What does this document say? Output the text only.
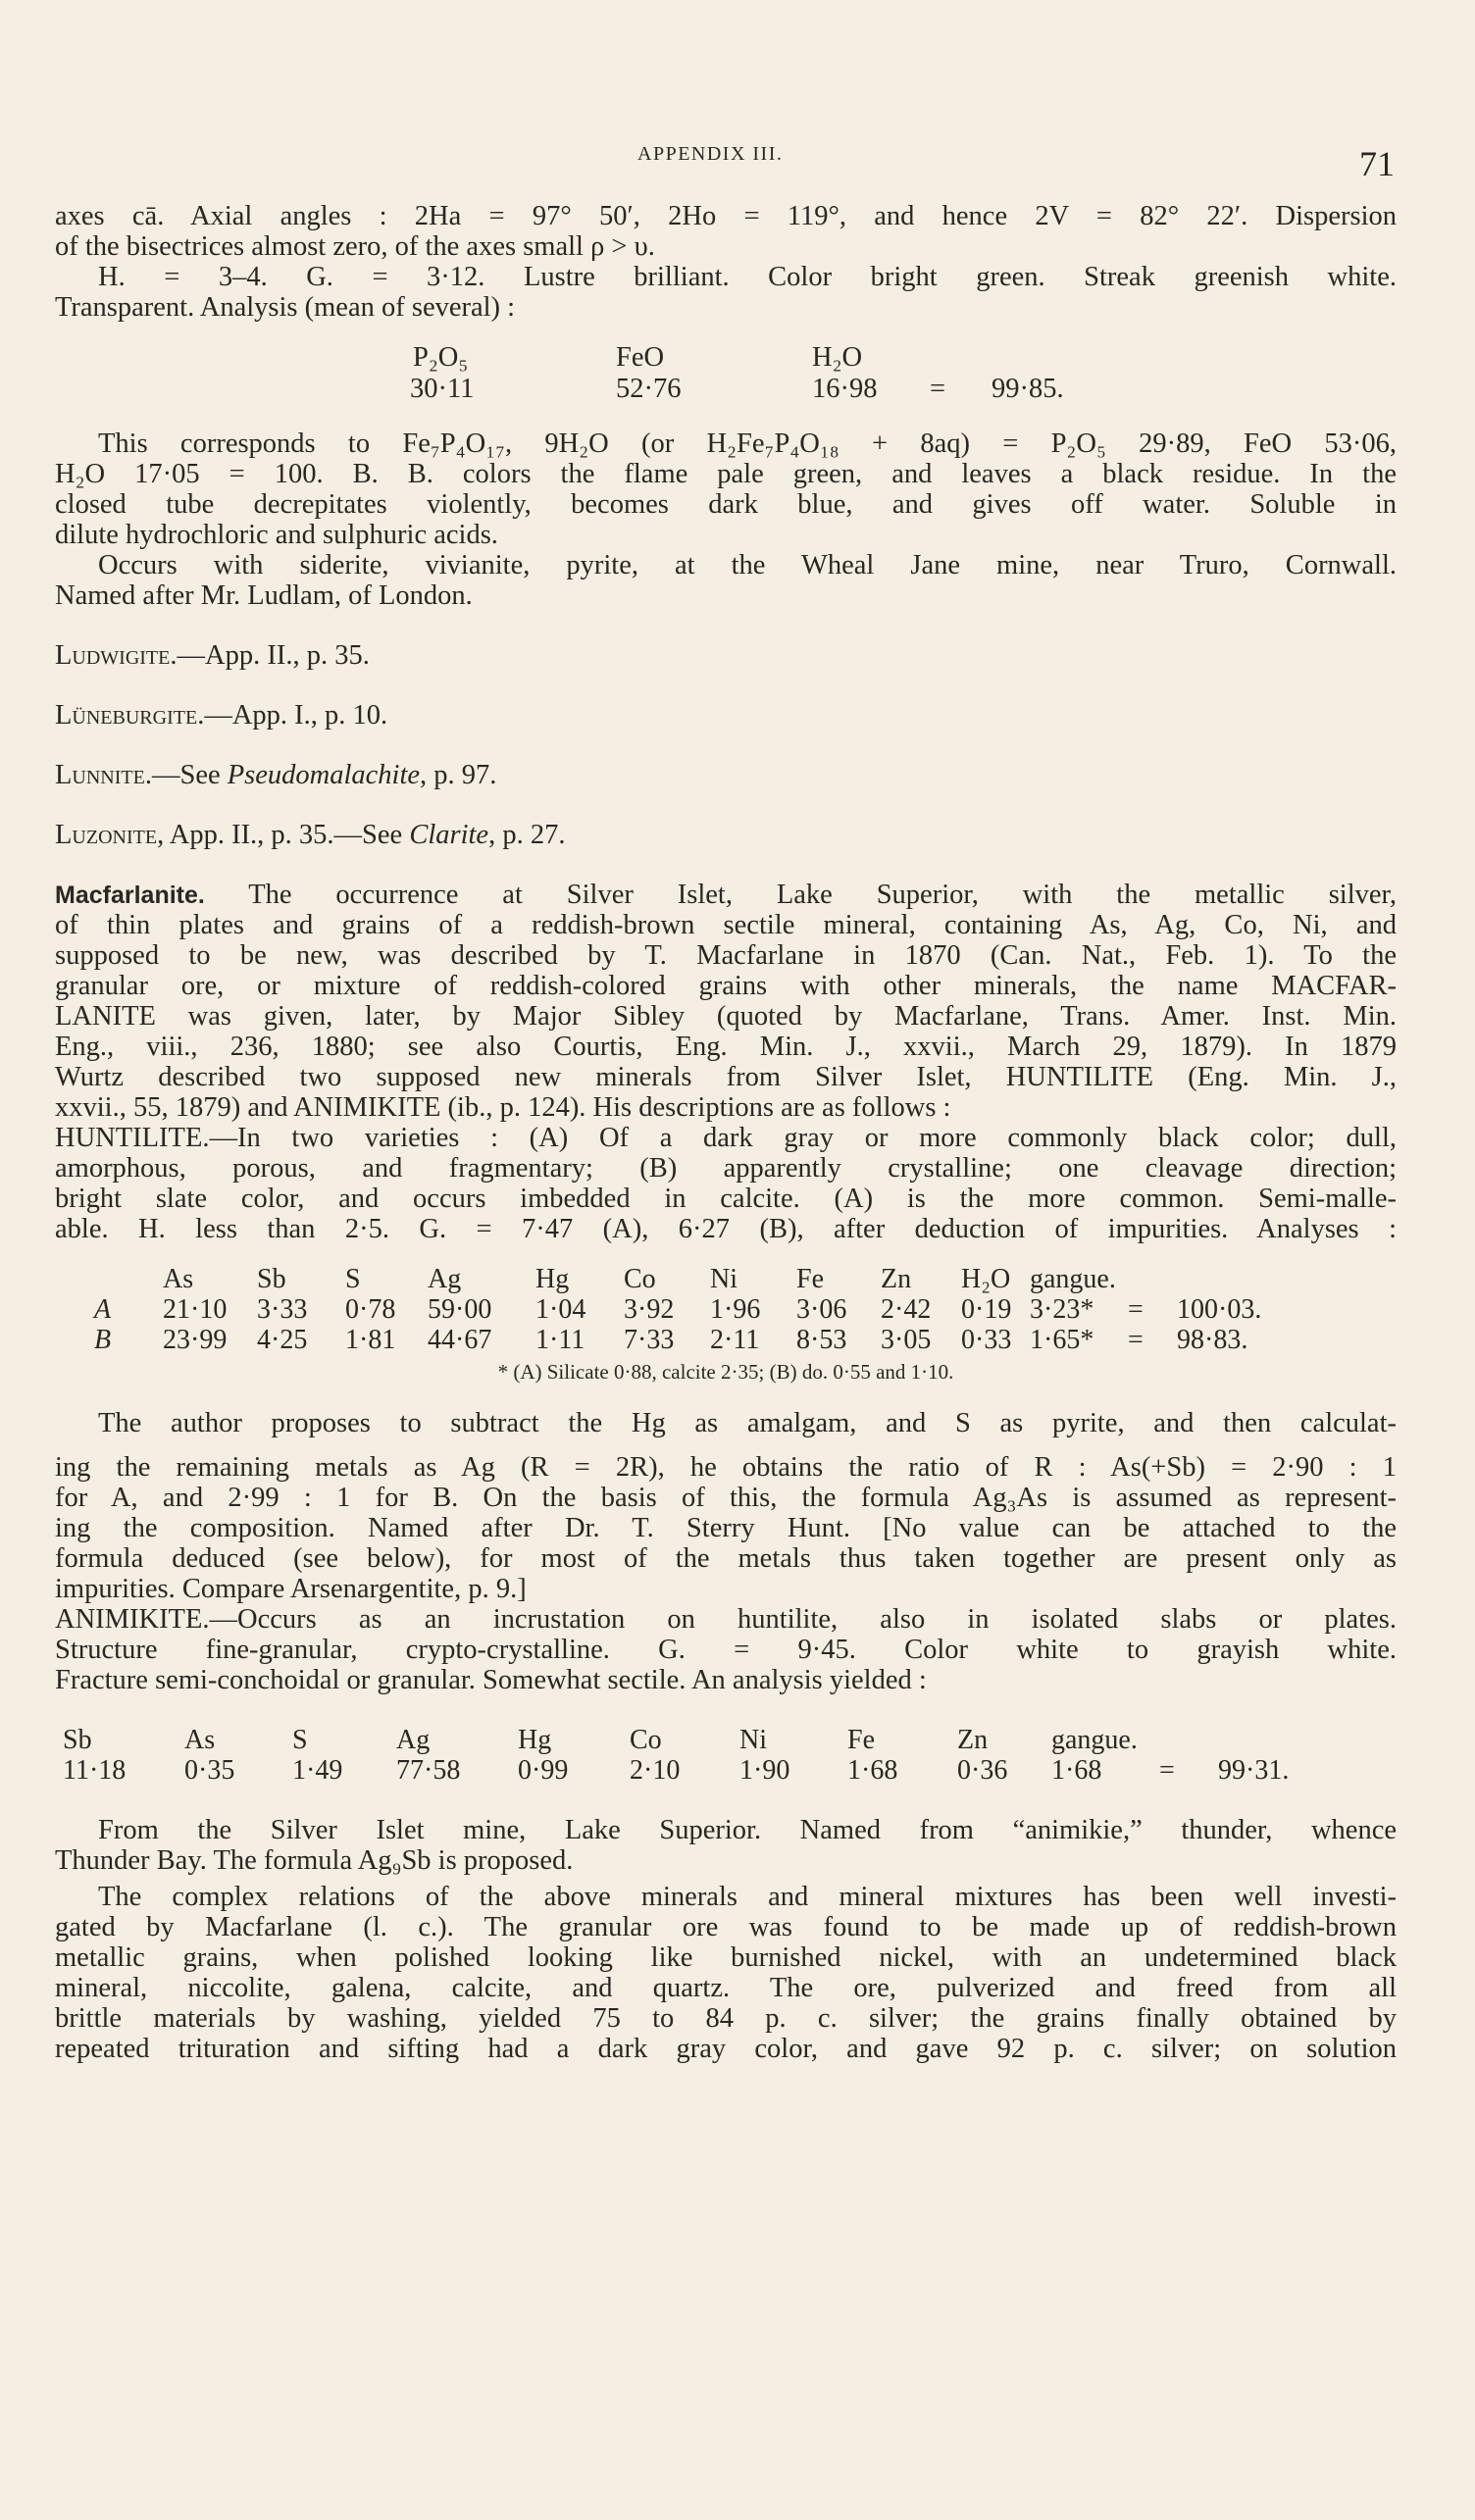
APPENDIX III.	71
axes cā. Axial angles : 2Ha = 97° 50′, 2Ho = 119°, and hence 2V = 82° 22′. Dispersion
of the bisectrices almost zero, of the axes small ρ > υ.
H. = 3–4. G. = 3·12. Lustre brilliant. Color bright green. Streak greenish white.
Transparent. Analysis (mean of several) :
P₂O₅	FeO	H₂O
30·11	52·76	16·98 = 99·85.
This corresponds to Fe₇P₄O₁₇, 9H₂O (or H₂Fe₇P₄O₁₈ + 8aq) = P₂O₅ 29·89, FeO 53·06,
H₂O 17·05 = 100. B. B. colors the flame pale green, and leaves a black residue. In the
closed tube decrepitates violently, becomes dark blue, and gives off water. Soluble in
dilute hydrochloric and sulphuric acids.
Occurs with siderite, vivianite, pyrite, at the Wheal Jane mine, near Truro, Cornwall.
Named after Mr. Ludlam, of London.
Ludwigite.—App. II., p. 35.
Lüneburgite.—App. I., p. 10.
Lunnite.—See Pseudomalachite, p. 97.
Luzonite, App. II., p. 35.—See Clarite, p. 27.
Macfarlanite. The occurrence at Silver Islet, Lake Superior, with the metallic silver,
of thin plates and grains of a reddish-brown sectile mineral, containing As, Ag, Co, Ni, and
supposed to be new, was described by T. Macfarlane in 1870 (Can. Nat., Feb. 1). To the
granular ore, or mixture of reddish-colored grains with other minerals, the name MACFAR-
LANITE was given, later, by Major Sibley (quoted by Macfarlane, Trans. Amer. Inst. Min.
Eng., viii., 236, 1880; see also Courtis, Eng. Min. J., xxvii., March 29, 1879). In 1879
Wurtz described two supposed new minerals from Silver Islet, HUNTILITE (Eng. Min. J.,
xxvii., 55, 1879) and ANIMIKITE (ib., p. 124). His descriptions are as follows :
HUNTILITE.—In two varieties : (A) Of a dark gray or more commonly black color; dull,
amorphous, porous, and fragmentary; (B) apparently crystalline; one cleavage direction;
bright slate color, and occurs imbedded in calcite. (A) is the more common. Semi-malle-
able. H. less than 2·5. G. = 7·47 (A), 6·27 (B), after deduction of impurities. Analyses :
	As	Sb	S	Ag	Hg	Co	Ni	Fe	Zn	H₂O	gangue.		
A	21·10	3·33	0·78	59·00	1·04	3·92	1·96	3·06	2·42	0·19	3·23*	=	100·03.
B	23·99	4·25	1·81	44·67	1·11	7·33	2·11	8·53	3·05	0·33	1·65*	=	98·83.
* (A) Silicate 0·88, calcite 2·35; (B) do. 0·55 and 1·10.
The author proposes to subtract the Hg as amalgam, and S as pyrite, and then calculat-
ing the remaining metals as Ag (R = 2R), he obtains the ratio of R : As(+Sb) = 2·90 : 1
for A, and 2·99 : 1 for B. On the basis of this, the formula Ag₃As is assumed as represent-
ing the composition. Named after Dr. T. Sterry Hunt. [No value can be attached to the
formula deduced (see below), for most of the metals thus taken together are present only as
impurities. Compare Arsenargentite, p. 9.]
ANIMIKITE.—Occurs as an incrustation on huntilite, also in isolated slabs or plates.
Structure fine-granular, crypto-crystalline. G. = 9·45. Color white to grayish white.
Fracture semi-conchoidal or granular. Somewhat sectile. An analysis yielded :
Sb	As	S	Ag	Hg	Co	Ni	Fe	Zn	gangue.		
11·18	0·35	1·49	77·58	0·99	2·10	1·90	1·68	0·36	1·68	=	99·31.
From the Silver Islet mine, Lake Superior. Named from “animikie,” thunder, whence
Thunder Bay. The formula Ag₉Sb is proposed.
The complex relations of the above minerals and mineral mixtures has been well investi-
gated by Macfarlane (l. c.). The granular ore was found to be made up of reddish-brown
metallic grains, when polished looking like burnished nickel, with an undetermined black
mineral, niccolite, galena, calcite, and quartz. The ore, pulverized and freed from all
brittle materials by washing, yielded 75 to 84 p. c. silver; the grains finally obtained by
repeated trituration and sifting had a dark gray color, and gave 92 p. c. silver; on solution
